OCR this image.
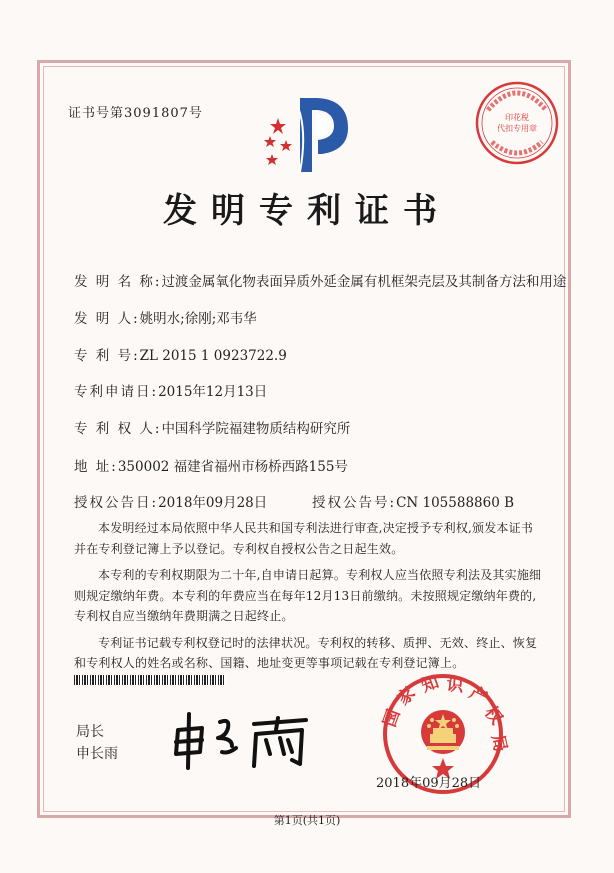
证书号第3091807号	印花税
代扣专用章
发明专利证书
发 明 名 称:过渡金属氧化物表面异质外延金属有机框架壳层及其制备方法和用途
发 明 人:姚明水;徐刚;邓韦华
专 利 号:ZL 2015 1 0923722.9
专利申请日:2015年12月13日
专 利 权 人:中国科学院福建物质结构研究所
地 址:350002 福建省福州市杨桥西路155号
授权公告日:2018年09月28日	授权公告号:CN 105588860 B

本发明经过本局依照中华人民共和国专利法进行审查,决定授予专利权,颁发本证书并在专利登记簿上予以登记。专利权自授权公告之日起生效。

本专利的专利权期限为二十年,自申请日起算。专利权人应当依照专利法及其实施细则规定缴纳年费。本专利的年费应当在每年12月13日前缴纳。未按照规定缴纳年费的,专利权自应当缴纳年费期满之日起终止。

专利证书记载专利权登记时的法律状况。专利权的转移、质押、无效、终止、恢复和专利权人的姓名或名称、国籍、地址变更等事项记载在专利登记簿上。

局长
申长雨
国
家 知 识 产
权
局
2018年09月28日
第1页(共1页)
